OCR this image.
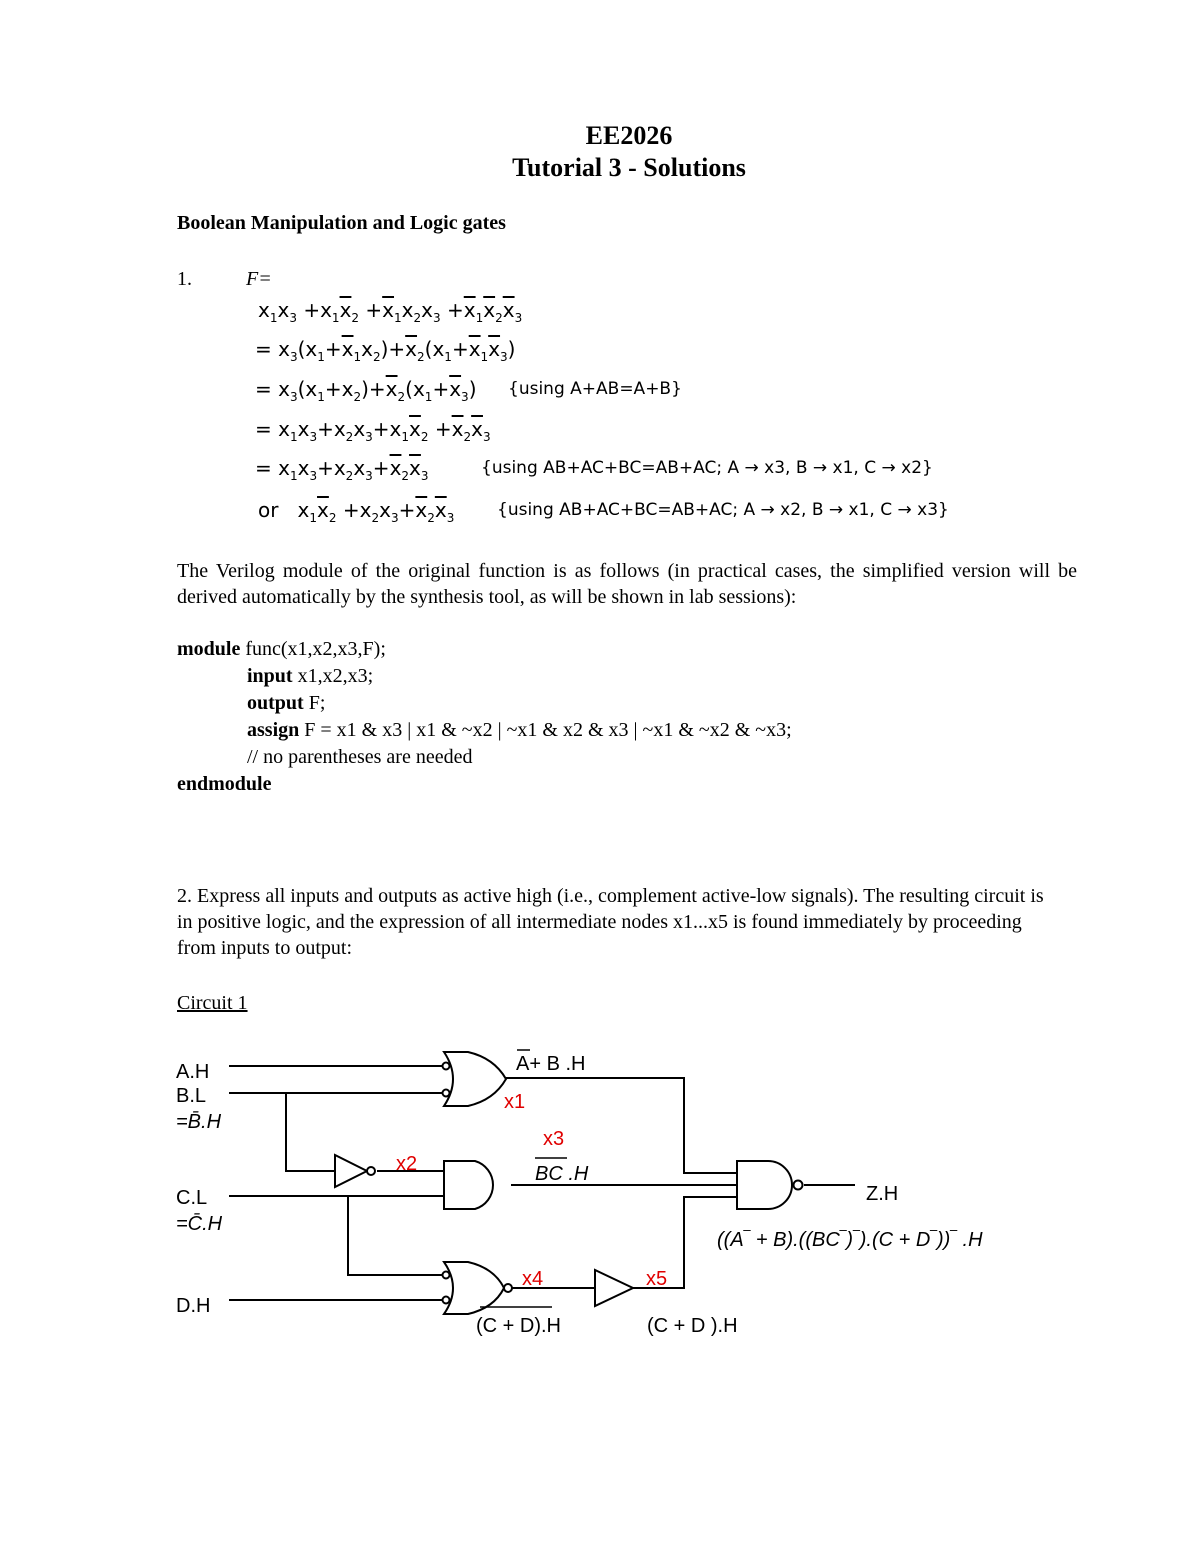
EE2026
Tutorial 3 - Solutions
Boolean Manipulation and Logic gates
1.	F=
$x_1x_3 +x_1\overline{x}_2 +\overline{x}_1x_2x_3 +\overline{x}_1\overline{x}_2\overline{x}_3$
= $x_3(x_1+\overline{x}_1x_2)+\overline{x}_2(x_1+\overline{x}_1\overline{x}_3)$
= $x_3(x_1+x_2)+\overline{x}_2(x_1+\overline{x}_3)$ {using A+AB=A+B}
= $x_1x_3+x_2x_3+x_1\overline{x}_2 +\overline{x}_2\overline{x}_3$
= $x_1x_3+x_2x_3+\overline{x}_2\overline{x}_3$	{using AB+AC+BC=AB+AC; A → x3, B → x1, C → x2}
or   $x_1\overline{x}_2 +x_2x_3+\overline{x}_2\overline{x}_3$	{using AB+AC+BC=AB+AC; A → x2, B → x1, C → x3}
The Verilog module of the original function is as follows (in practical cases, the simplified version will be derived automatically by the synthesis tool, as will be shown in lab sessions):
module func(x1,x2,x3,F);
input x1,x2,x3;
output F;
assign F = x1 & x3 | x1 & ~x2 | ~x1 & x2 & x3 | ~x1 & ~x2 & ~x3;
// no parentheses are needed
endmodule
2. Express all inputs and outputs as active high (i.e., complement active-low signals). The resulting circuit is in positive logic, and the expression of all intermediate nodes x1...x5 is found immediately by proceeding from inputs to output:
Circuit 1
A.H
B.L
=B̄.H
C.L
=C̄.H
D.H
Z.H
x1
x2
x3
x4	x5
A+ B .H
BC .H
(C + D).H	(C + D ).H
((A‾ + B).((BC‾)‾).(C + D‾))‾ .H
